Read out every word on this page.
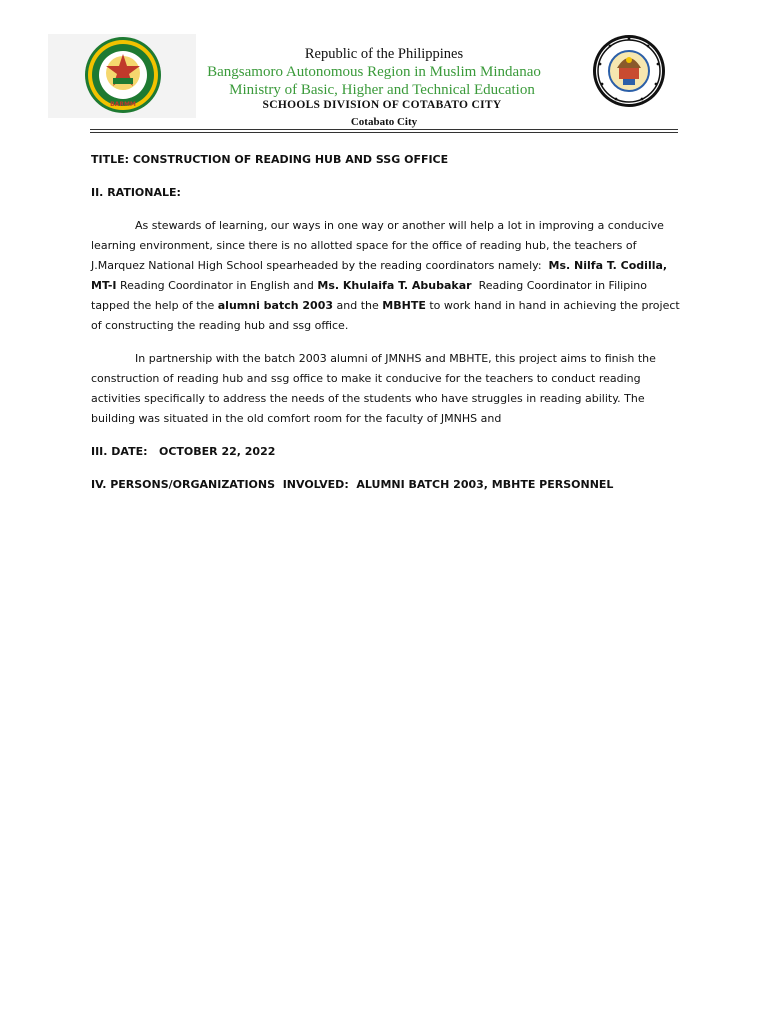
BARMM
Republic of the Philippines
Bangsamoro Autonomous Region in Muslim Mindanao
Ministry of Basic, Higher and Technical Education
SCHOOLS DIVISION OF COTABATO CITY
Cotabato City

TITLE: CONSTRUCTION OF READING HUB AND SSG OFFICE

II. RATIONALE:

As stewards of learning, our ways in one way or another will help a lot in improving a conducive learning environment, since there is no allotted space for the office of reading hub, the teachers of J.Marquez National High School spearheaded by the reading coordinators namely: Ms. Nilfa T. Codilla, MT-I Reading Coordinator in English and Ms. Khulaifa T. Abubakar Reading Coordinator in Filipino tapped the help of the alumni batch 2003 and the MBHTE to work hand in hand in achieving the project of constructing the reading hub and ssg office.

In partnership with the batch 2003 alumni of JMNHS and MBHTE, this project aims to finish the construction of reading hub and ssg office to make it conducive for the teachers to conduct reading activities specifically to address the needs of the students who have struggles in reading ability. The building was situated in the old comfort room for the faculty of JMNHS and

III. DATE:   OCTOBER 22, 2022

IV. PERSONS/ORGANIZATIONS  INVOLVED:  ALUMNI BATCH 2003, MBHTE PERSONNEL
